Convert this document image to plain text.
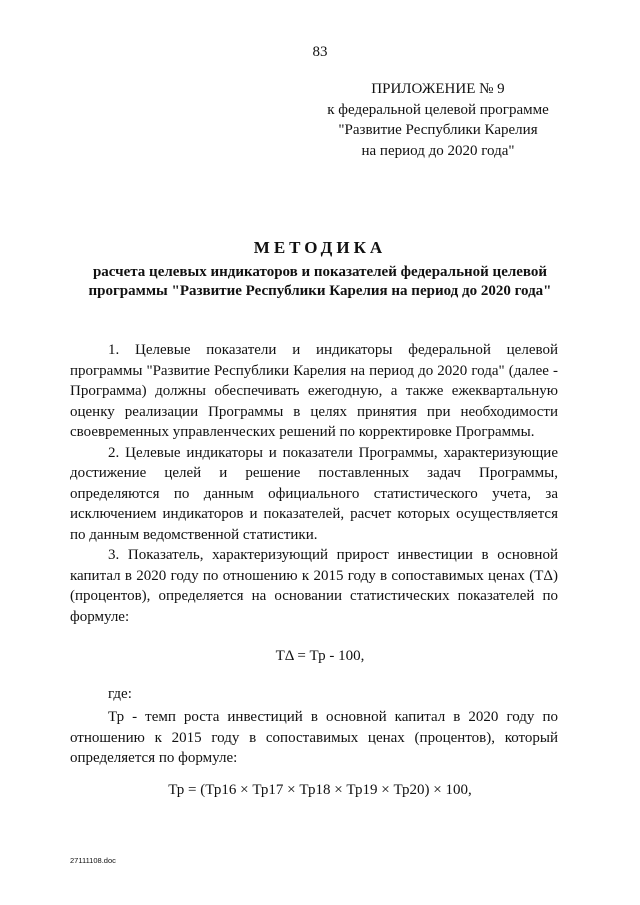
83
ПРИЛОЖЕНИЕ № 9
к федеральной целевой программе
"Развитие Республики Карелия
на период до 2020 года"
МЕТОДИКА
расчета целевых индикаторов и показателей федеральной целевой
программы "Развитие Республики Карелия на период до 2020 года"

1. Целевые показатели и индикаторы федеральной целевой программы "Развитие Республики Карелия на период до 2020 года" (далее - Программа) должны обеспечивать ежегодную, а также ежеквартальную оценку реализации Программы в целях принятия при необходимости своевременных управленческих решений по корректировке Программы.

2. Целевые индикаторы и показатели Программы, характеризующие достижение целей и решение поставленных задач Программы, определяются по данным официального статистического учета, за исключением индикаторов и показателей, расчет которых осуществляется по данным ведомственной статистики.

3. Показатель, характеризующий прирост инвестиции в основной капитал в 2020 году по отношению к 2015 году в сопоставимых ценах (ТΔ) (процентов), определяется на основании статистических показателей по формуле:

ТΔ = Тр - 100,
где:

Тр - темп роста инвестиций в основной капитал в 2020 году по отношению к 2015 году в сопоставимых ценах (процентов), который определяется по формуле:

Тр = (Тр16 × Тр17 × Тр18 × Тр19 × Тр20) × 100,
27111108.doc
